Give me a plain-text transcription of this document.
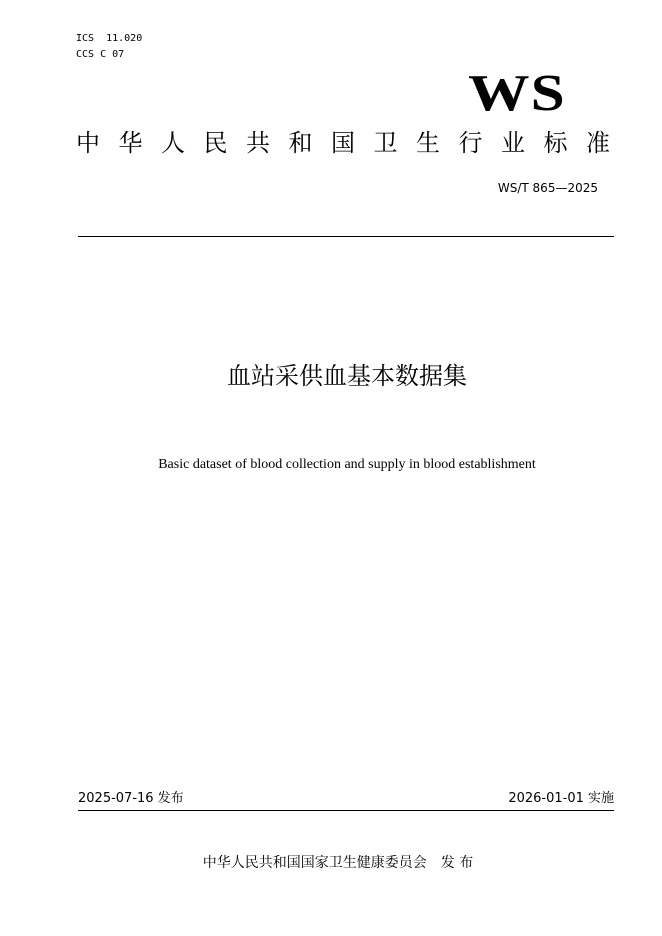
ICS  11.020
CCS C 07
WS
中 华 人 民 共 和 国 卫 生 行 业 标 准
WS/T 865—2025
血站采供血基本数据集
Basic dataset of blood collection and supply in blood establishment
2025-07-16 发布	2026-01-01 实施
中华人民共和国国家卫生健康委员会 发 布
